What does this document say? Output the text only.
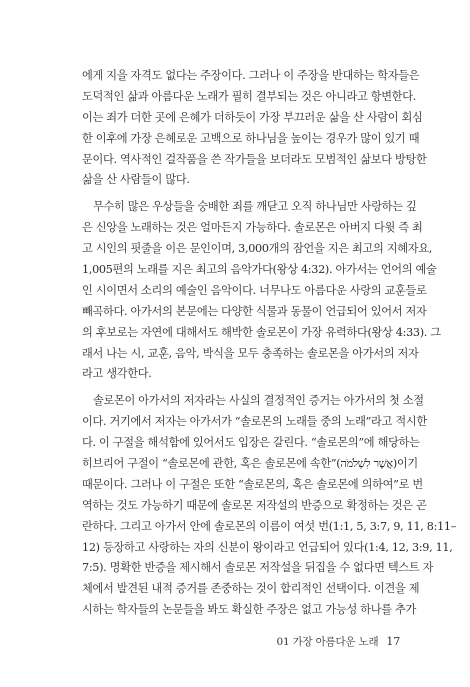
에게 지을 자격도 없다는 주장이다. 그러나 이 주장을 반대하는 학자들은
도덕적인 삶과 아름다운 노래가 필히 결부되는 것은 아니라고 항변한다.
이는 죄가 더한 곳에 은혜가 더하듯이 가장 부끄러운 삶을 산 사람이 회심
한 이후에 가장 은혜로운 고백으로 하나님을 높이는 경우가 많이 있기 때
문이다. 역사적인 걸작품을 쓴 작가들을 보더라도 모범적인 삶보다 방탕한
삶을 산 사람들이 많다.
무수히 많은 우상들을 숭배한 죄를 깨닫고 오직 하나님만 사랑하는 깊
은 신앙을 노래하는 것은 얼마든지 가능하다. 솔로몬은 아버지 다윗 즉 최
고 시인의 핏줄을 이은 문인이며, 3,000개의 잠언을 지은 최고의 지혜자요,
1,005편의 노래를 지은 최고의 음악가다(왕상 4:32). 아가서는 언어의 예술
인 시이면서 소리의 예술인 음악이다. 너무나도 아름다운 사랑의 교훈들로
빼곡하다. 아가서의 본문에는 다양한 식물과 동물이 언급되어 있어서 저자
의 후보로는 자연에 대해서도 해박한 솔로몬이 가장 유력하다(왕상 4:33). 그
래서 나는 시, 교훈, 음악, 박식을 모두 충족하는 솔로몬을 아가서의 저자
라고 생각한다.
솔로몬이 아가서의 저자라는 사실의 결정적인 증거는 아가서의 첫 소절
이다. 거기에서 저자는 아가서가 “솔로몬의 노래들 중의 노래”라고 적시한
다. 이 구절을 해석함에 있어서도 입장은 갈린다. “솔로몬의”에 해당하는
히브리어 구절이 “솔로몬에 관한, 혹은 솔로몬에 속한”(אֲשֶׁר לִשְׁלֹמֹה)이기
때문이다. 그러나 이 구절은 또한 “솔로몬의, 혹은 솔로몬에 의하여”로 번
역하는 것도 가능하기 때문에 솔로몬 저작설의 반증으로 확정하는 것은 곤
란하다. 그리고 아가서 안에 솔로몬의 이름이 여섯 번(1:1, 5, 3:7, 9, 11, 8:11–
12) 등장하고 사랑하는 자의 신분이 왕이라고 언급되어 있다(1:4, 12, 3:9, 11,
7:5). 명확한 반증을 제시해서 솔로몬 저작설을 뒤집을 수 없다면 텍스트 자
체에서 발견된 내적 증거를 존중하는 것이 합리적인 선택이다. 이견을 제
시하는 학자들의 논문들을 봐도 확실한 주장은 없고 가능성 하나를 추가
01 가장 아름다운 노래 17
